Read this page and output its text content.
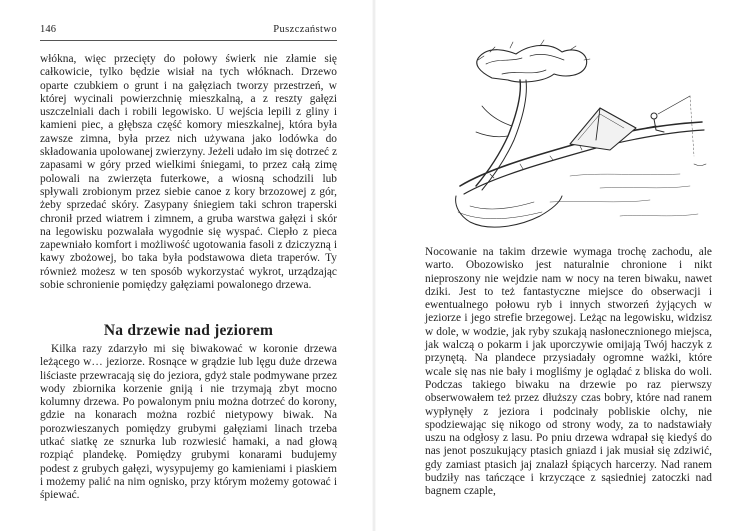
146	Puszczaństwo

włókna, więc przecięty do połowy świerk nie złamie się całkowicie, tylko będzie wisiał na tych włóknach. Drzewo oparte czubkiem o grunt i na gałęziach tworzy przestrzeń, w której wycinali powierzchnię mieszkalną, a z reszty gałęzi uszczelniali dach i robili legowisko. U wejścia lepili z gliny i kamieni piec, a głębsza część komory mieszkalnej, która była zawsze zimna, była przez nich używana jako lodówka do składowania upolowanej zwierzyny. Jeżeli udało im się dotrzeć z zapasami w góry przed wielkimi śniegami, to przez całą zimę polowali na zwierzęta futerkowe, a wiosną schodzili lub spływali zrobionym przez siebie canoe z kory brzozowej z gór, żeby sprzedać skóry. Zasypany śniegiem taki schron traperski chronił przed wiatrem i zimnem, a gruba warstwa gałęzi i skór na legowisku pozwalała wygodnie się wyspać. Ciepło z pieca zapewniało komfort i możliwość ugotowania fasoli z dziczyzną i kawy zbożowej, bo taka była podstawowa dieta traperów. Ty również możesz w ten sposób wykorzystać wykrot, urządzając sobie schronienie pomiędzy gałęziami powalonego drzewa.

Na drzewie nad jeziorem

Kilka razy zdarzyło mi się biwakować w koronie drzewa leżącego w… jeziorze. Rosnące w grądzie lub lęgu duże drzewa liściaste przewracają się do jeziora, gdyż stale podmywane przez wody zbiornika korzenie gniją i nie trzymają zbyt mocno kolumny drzewa. Po powalonym pniu można dotrzeć do korony, gdzie na konarach można rozbić nietypowy biwak. Na porozwieszanych pomiędzy grubymi gałęziami linach trzeba utkać siatkę ze sznurka lub rozwiesić hamaki, a nad głową rozpiąć plandekę. Pomiędzy grubymi konarami budujemy podest z grubych gałęzi, wysypujemy go kamieniami i piaskiem i możemy palić na nim ognisko, przy którym możemy gotować i śpiewać.

Nocowanie na takim drzewie wymaga trochę zachodu, ale warto. Obozowisko jest naturalnie chronione i nikt nieproszony nie wejdzie nam w nocy na teren biwaku, nawet dziki. Jest to też fantastyczne miejsce do obserwacji i ewentualnego połowu ryb i innych stworzeń żyjących w jeziorze i jego strefie brzegowej. Leżąc na legowisku, widzisz w dole, w wodzie, jak ryby szukają nasłonecznionego miejsca, jak walczą o pokarm i jak uporczywie omijają Twój haczyk z przynętą. Na plandece przysiadały ogromne ważki, które wcale się nas nie bały i mogliśmy je oglądać z bliska do woli. Podczas takiego biwaku na drzewie po raz pierwszy obserwowałem też przez dłuższy czas bobry, które nad ranem wypłynęły z jeziora i podcinały pobliskie olchy, nie spodziewając się nikogo od strony wody, za to nadstawiały uszu na odgłosy z lasu. Po pniu drzewa wdrapał się kiedyś do nas jenot poszukujący ptasich gniazd i jak musiał się zdziwić, gdy zamiast ptasich jaj znalazł śpiących harcerzy. Nad ranem budziły nas tańczące i krzyczące z sąsiedniej zatoczki nad bagnem czaple,
